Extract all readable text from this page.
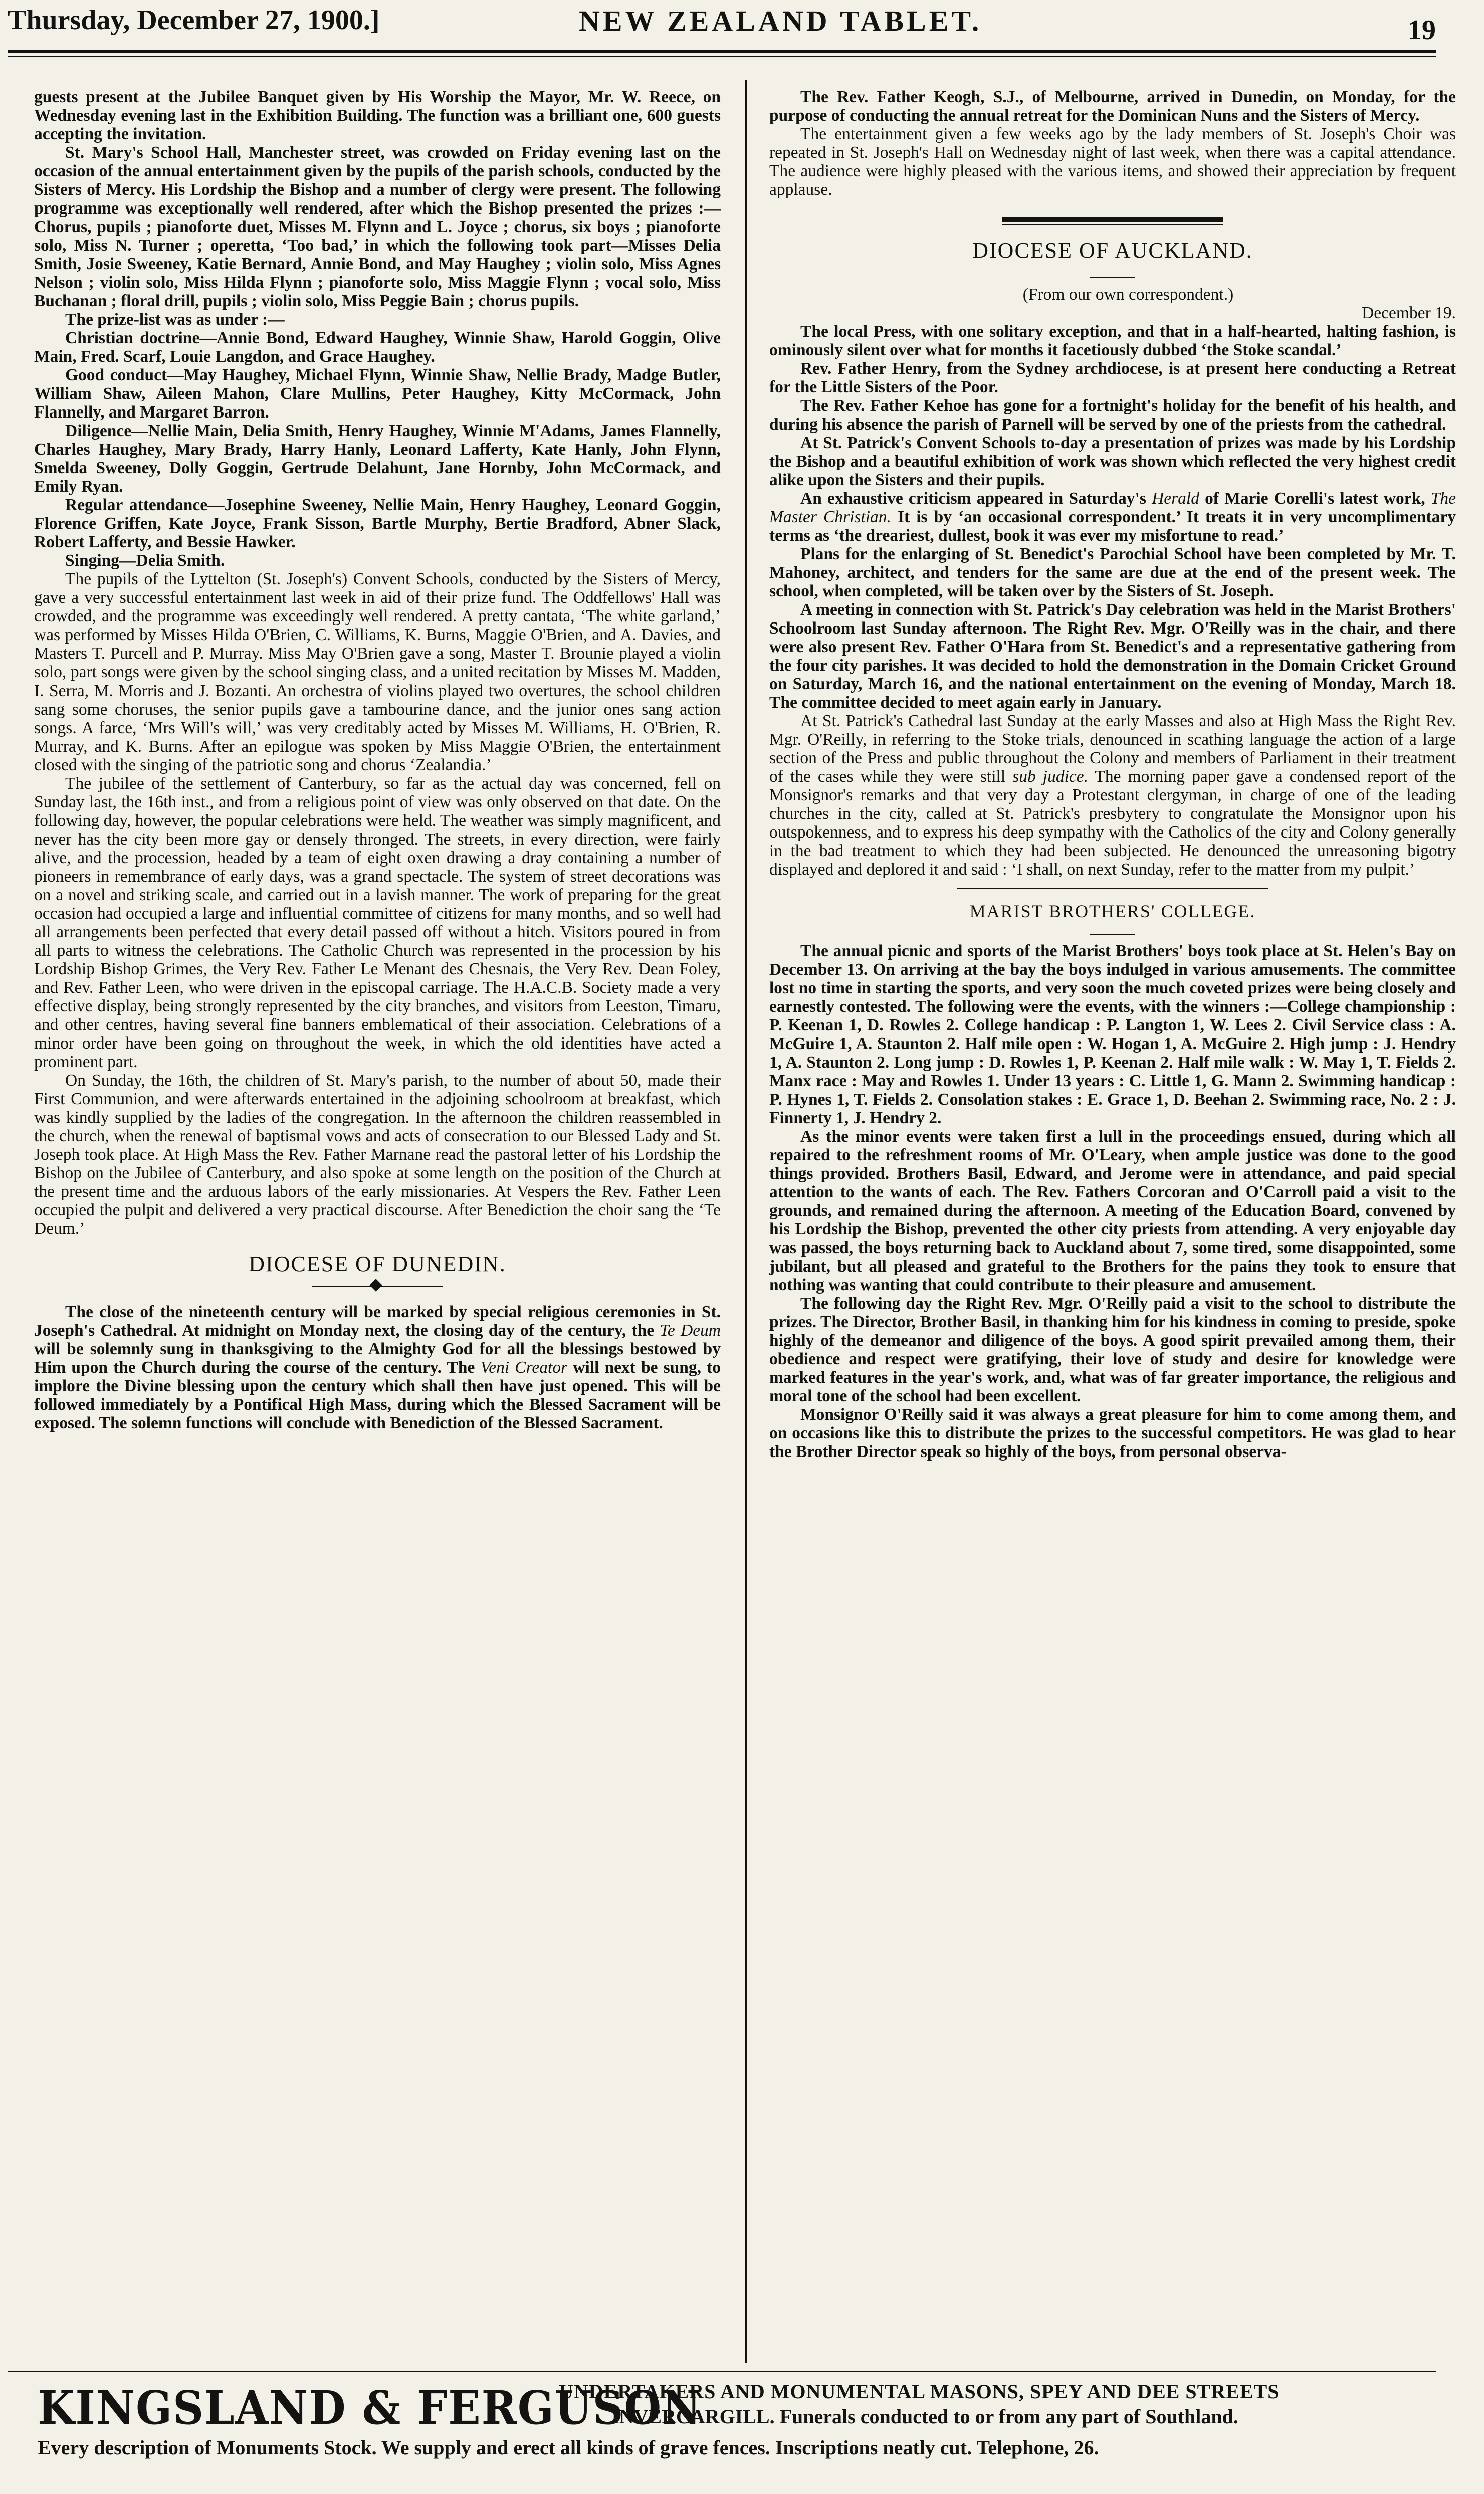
Thursday, December 27, 1900.]	NEW ZEALAND TABLET.	19

guests present at the Jubilee Banquet given by His Worship the Mayor, Mr. W. Reece, on Wednesday evening last in the Exhibition Building. The function was a brilliant one, 600 guests accepting the invitation.

St. Mary's School Hall, Manchester street, was crowded on Friday evening last on the occasion of the annual entertainment given by the pupils of the parish schools, conducted by the Sisters of Mercy. His Lordship the Bishop and a number of clergy were present. The following programme was exceptionally well rendered, after which the Bishop presented the prizes :—Chorus, pupils ; pianoforte duet, Misses M. Flynn and L. Joyce ; chorus, six boys ; pianoforte solo, Miss N. Turner ; operetta, ‘Too bad,’ in which the following took part—Misses Delia Smith, Josie Sweeney, Katie Bernard, Annie Bond, and May Haughey ; violin solo, Miss Agnes Nelson ; violin solo, Miss Hilda Flynn ; pianoforte solo, Miss Maggie Flynn ; vocal solo, Miss Buchanan ; floral drill, pupils ; violin solo, Miss Peggie Bain ; chorus pupils.

The prize-list was as under :—

Christian doctrine—Annie Bond, Edward Haughey, Winnie Shaw, Harold Goggin, Olive Main, Fred. Scarf, Louie Langdon, and Grace Haughey.

Good conduct—May Haughey, Michael Flynn, Winnie Shaw, Nellie Brady, Madge Butler, William Shaw, Aileen Mahon, Clare Mullins, Peter Haughey, Kitty McCormack, John Flannelly, and Margaret Barron.

Diligence—Nellie Main, Delia Smith, Henry Haughey, Winnie M'Adams, James Flannelly, Charles Haughey, Mary Brady, Harry Hanly, Leonard Lafferty, Kate Hanly, John Flynn, Smelda Sweeney, Dolly Goggin, Gertrude Delahunt, Jane Hornby, John McCormack, and Emily Ryan.

Regular attendance—Josephine Sweeney, Nellie Main, Henry Haughey, Leonard Goggin, Florence Griffen, Kate Joyce, Frank Sisson, Bartle Murphy, Bertie Bradford, Abner Slack, Robert Lafferty, and Bessie Hawker.

Singing—Delia Smith.

The pupils of the Lyttelton (St. Joseph's) Convent Schools, conducted by the Sisters of Mercy, gave a very successful entertainment last week in aid of their prize fund. The Oddfellows' Hall was crowded, and the programme was exceedingly well rendered. A pretty cantata, ‘The white garland,’ was performed by Misses Hilda O'Brien, C. Williams, K. Burns, Maggie O'Brien, and A. Davies, and Masters T. Purcell and P. Murray. Miss May O'Brien gave a song, Master T. Brounie played a violin solo, part songs were given by the school singing class, and a united recitation by Misses M. Madden, I. Serra, M. Morris and J. Bozanti. An orchestra of violins played two overtures, the school children sang some choruses, the senior pupils gave a tambourine dance, and the junior ones sang action songs. A farce, ‘Mrs Will's will,’ was very creditably acted by Misses M. Williams, H. O'Brien, R. Murray, and K. Burns. After an epilogue was spoken by Miss Maggie O'Brien, the entertainment closed with the singing of the patriotic song and chorus ‘Zealandia.’

The jubilee of the settlement of Canterbury, so far as the actual day was concerned, fell on Sunday last, the 16th inst., and from a religious point of view was only observed on that date. On the following day, however, the popular celebrations were held. The weather was simply magnificent, and never has the city been more gay or densely thronged. The streets, in every direction, were fairly alive, and the procession, headed by a team of eight oxen drawing a dray containing a number of pioneers in remembrance of early days, was a grand spectacle. The system of street decorations was on a novel and striking scale, and carried out in a lavish manner. The work of preparing for the great occasion had occupied a large and influential committee of citizens for many months, and so well had all arrangements been perfected that every detail passed off without a hitch. Visitors poured in from all parts to witness the celebrations. The Catholic Church was represented in the procession by his Lordship Bishop Grimes, the Very Rev. Father Le Menant des Chesnais, the Very Rev. Dean Foley, and Rev. Father Leen, who were driven in the episcopal carriage. The H.A.C.B. Society made a very effective display, being strongly represented by the city branches, and visitors from Leeston, Timaru, and other centres, having several fine banners emblematical of their association. Celebrations of a minor order have been going on throughout the week, in which the old identities have acted a prominent part.

On Sunday, the 16th, the children of St. Mary's parish, to the number of about 50, made their First Communion, and were afterwards entertained in the adjoining schoolroom at breakfast, which was kindly supplied by the ladies of the congregation. In the afternoon the children reassembled in the church, when the renewal of baptismal vows and acts of consecration to our Blessed Lady and St. Joseph took place. At High Mass the Rev. Father Marnane read the pastoral letter of his Lordship the Bishop on the Jubilee of Canterbury, and also spoke at some length on the position of the Church at the present time and the arduous labors of the early missionaries. At Vespers the Rev. Father Leen occupied the pulpit and delivered a very practical discourse. After Benediction the choir sang the ‘Te Deum.’

DIOCESE OF DUNEDIN.

The close of the nineteenth century will be marked by special religious ceremonies in St. Joseph's Cathedral. At midnight on Monday next, the closing day of the century, the Te Deum will be solemnly sung in thanksgiving to the Almighty God for all the blessings bestowed by Him upon the Church during the course of the century. The Veni Creator will next be sung, to implore the Divine blessing upon the century which shall then have just opened. This will be followed immediately by a Pontifical High Mass, during which the Blessed Sacrament will be exposed. The solemn functions will conclude with Benediction of the Blessed Sacrament.

The Rev. Father Keogh, S.J., of Melbourne, arrived in Dunedin, on Monday, for the purpose of conducting the annual retreat for the Dominican Nuns and the Sisters of Mercy.

The entertainment given a few weeks ago by the lady members of St. Joseph's Choir was repeated in St. Joseph's Hall on Wednesday night of last week, when there was a capital attendance. The audience were highly pleased with the various items, and showed their appreciation by frequent applause.

DIOCESE OF AUCKLAND.

(From our own correspondent.)

December 19.

The local Press, with one solitary exception, and that in a half-hearted, halting fashion, is ominously silent over what for months it facetiously dubbed ‘the Stoke scandal.’

Rev. Father Henry, from the Sydney archdiocese, is at present here conducting a Retreat for the Little Sisters of the Poor.

The Rev. Father Kehoe has gone for a fortnight's holiday for the benefit of his health, and during his absence the parish of Parnell will be served by one of the priests from the cathedral.

At St. Patrick's Convent Schools to-day a presentation of prizes was made by his Lordship the Bishop and a beautiful exhibition of work was shown which reflected the very highest credit alike upon the Sisters and their pupils.

An exhaustive criticism appeared in Saturday's Herald of Marie Corelli's latest work, The Master Christian. It is by ‘an occasional correspondent.’ It treats it in very uncomplimentary terms as ‘the dreariest, dullest, book it was ever my misfortune to read.’

Plans for the enlarging of St. Benedict's Parochial School have been completed by Mr. T. Mahoney, architect, and tenders for the same are due at the end of the present week. The school, when completed, will be taken over by the Sisters of St. Joseph.

A meeting in connection with St. Patrick's Day celebration was held in the Marist Brothers' Schoolroom last Sunday afternoon. The Right Rev. Mgr. O'Reilly was in the chair, and there were also present Rev. Father O'Hara from St. Benedict's and a representative gathering from the four city parishes. It was decided to hold the demonstration in the Domain Cricket Ground on Saturday, March 16, and the national entertainment on the evening of Monday, March 18. The committee decided to meet again early in January.

At St. Patrick's Cathedral last Sunday at the early Masses and also at High Mass the Right Rev. Mgr. O'Reilly, in referring to the Stoke trials, denounced in scathing language the action of a large section of the Press and public throughout the Colony and members of Parliament in their treatment of the cases while they were still sub judice. The morning paper gave a condensed report of the Monsignor's remarks and that very day a Protestant clergyman, in charge of one of the leading churches in the city, called at St. Patrick's presbytery to congratulate the Monsignor upon his outspokenness, and to express his deep sympathy with the Catholics of the city and Colony generally in the bad treatment to which they had been subjected. He denounced the unreasoning bigotry displayed and deplored it and said : ‘I shall, on next Sunday, refer to the matter from my pulpit.’

MARIST BROTHERS' COLLEGE.

The annual picnic and sports of the Marist Brothers' boys took place at St. Helen's Bay on December 13. On arriving at the bay the boys indulged in various amusements. The committee lost no time in starting the sports, and very soon the much coveted prizes were being closely and earnestly contested. The following were the events, with the winners :—College championship : P. Keenan 1, D. Rowles 2. College handicap : P. Langton 1, W. Lees 2. Civil Service class : A. McGuire 1, A. Staunton 2. Half mile open : W. Hogan 1, A. McGuire 2. High jump : J. Hendry 1, A. Staunton 2. Long jump : D. Rowles 1, P. Keenan 2. Half mile walk : W. May 1, T. Fields 2. Manx race : May and Rowles 1. Under 13 years : C. Little 1, G. Mann 2. Swimming handicap : P. Hynes 1, T. Fields 2. Consolation stakes : E. Grace 1, D. Beehan 2. Swimming race, No. 2 : J. Finnerty 1, J. Hendry 2.

As the minor events were taken first a lull in the proceedings ensued, during which all repaired to the refreshment rooms of Mr. O'Leary, when ample justice was done to the good things provided. Brothers Basil, Edward, and Jerome were in attendance, and paid special attention to the wants of each. The Rev. Fathers Corcoran and O'Carroll paid a visit to the grounds, and remained during the afternoon. A meeting of the Education Board, convened by his Lordship the Bishop, prevented the other city priests from attending. A very enjoyable day was passed, the boys returning back to Auckland about 7, some tired, some disappointed, some jubilant, but all pleased and grateful to the Brothers for the pains they took to ensure that nothing was wanting that could contribute to their pleasure and amusement.

The following day the Right Rev. Mgr. O'Reilly paid a visit to the school to distribute the prizes. The Director, Brother Basil, in thanking him for his kindness in coming to preside, spoke highly of the demeanor and diligence of the boys. A good spirit prevailed among them, their obedience and respect were gratifying, their love of study and desire for knowledge were marked features in the year's work, and, what was of far greater importance, the religious and moral tone of the school had been excellent.

Monsignor O'Reilly said it was always a great pleasure for him to come among them, and on occasions like this to distribute the prizes to the successful competitors. He was glad to hear the Brother Director speak so highly of the boys, from personal observa-

KINGSLAND & FERGUSON
UNDERTAKERS AND MONUMENTAL MASONS, SPEY AND DEE STREETS
INVERCARGILL. Funerals conducted to or from any part of Southland.
Every description of Monuments Stock. We supply and erect all kinds of grave fences. Inscriptions neatly cut. Telephone, 26.
